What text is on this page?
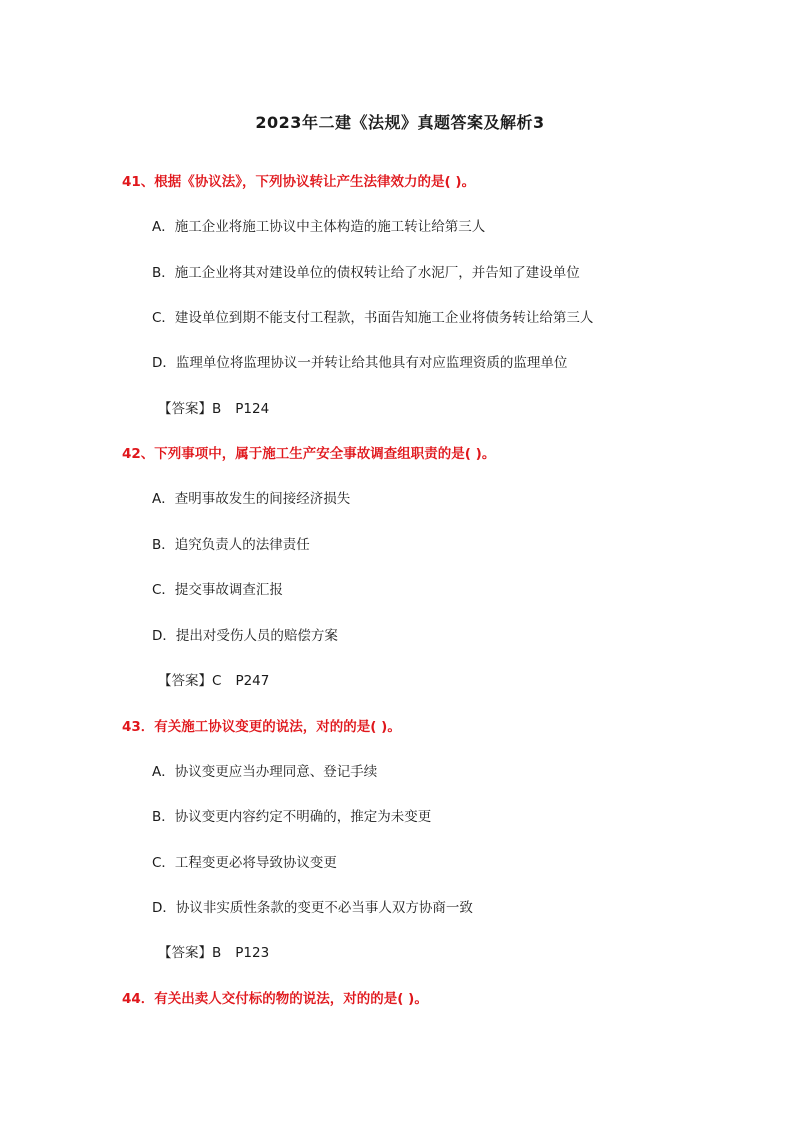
2023年二建《法规》真题答案及解析3
41、根据《协议法》，下列协议转让产生法律效力的是( )。
A．施工企业将施工协议中主体构造的施工转让给第三人
B．施工企业将其对建设单位的债权转让给了水泥厂，并告知了建设单位
C．建设单位到期不能支付工程款，书面告知施工企业将债务转让给第三人
D．监理单位将监理协议一并转让给其他具有对应监理资质的监理单位
【答案】B P124
42、下列事项中，属于施工生产安全事故调查组职责的是( )。
A．查明事故发生的间接经济损失
B．追究负责人的法律责任
C．提交事故调查汇报
D．提出对受伤人员的赔偿方案
【答案】C P247
43．有关施工协议变更的说法，对的的是( )。
A．协议变更应当办理同意、登记手续
B．协议变更内容约定不明确的，推定为未变更
C．工程变更必将导致协议变更
D．协议非实质性条款的变更不必当事人双方协商一致
【答案】B P123
44．有关出卖人交付标的物的说法，对的的是( )。
